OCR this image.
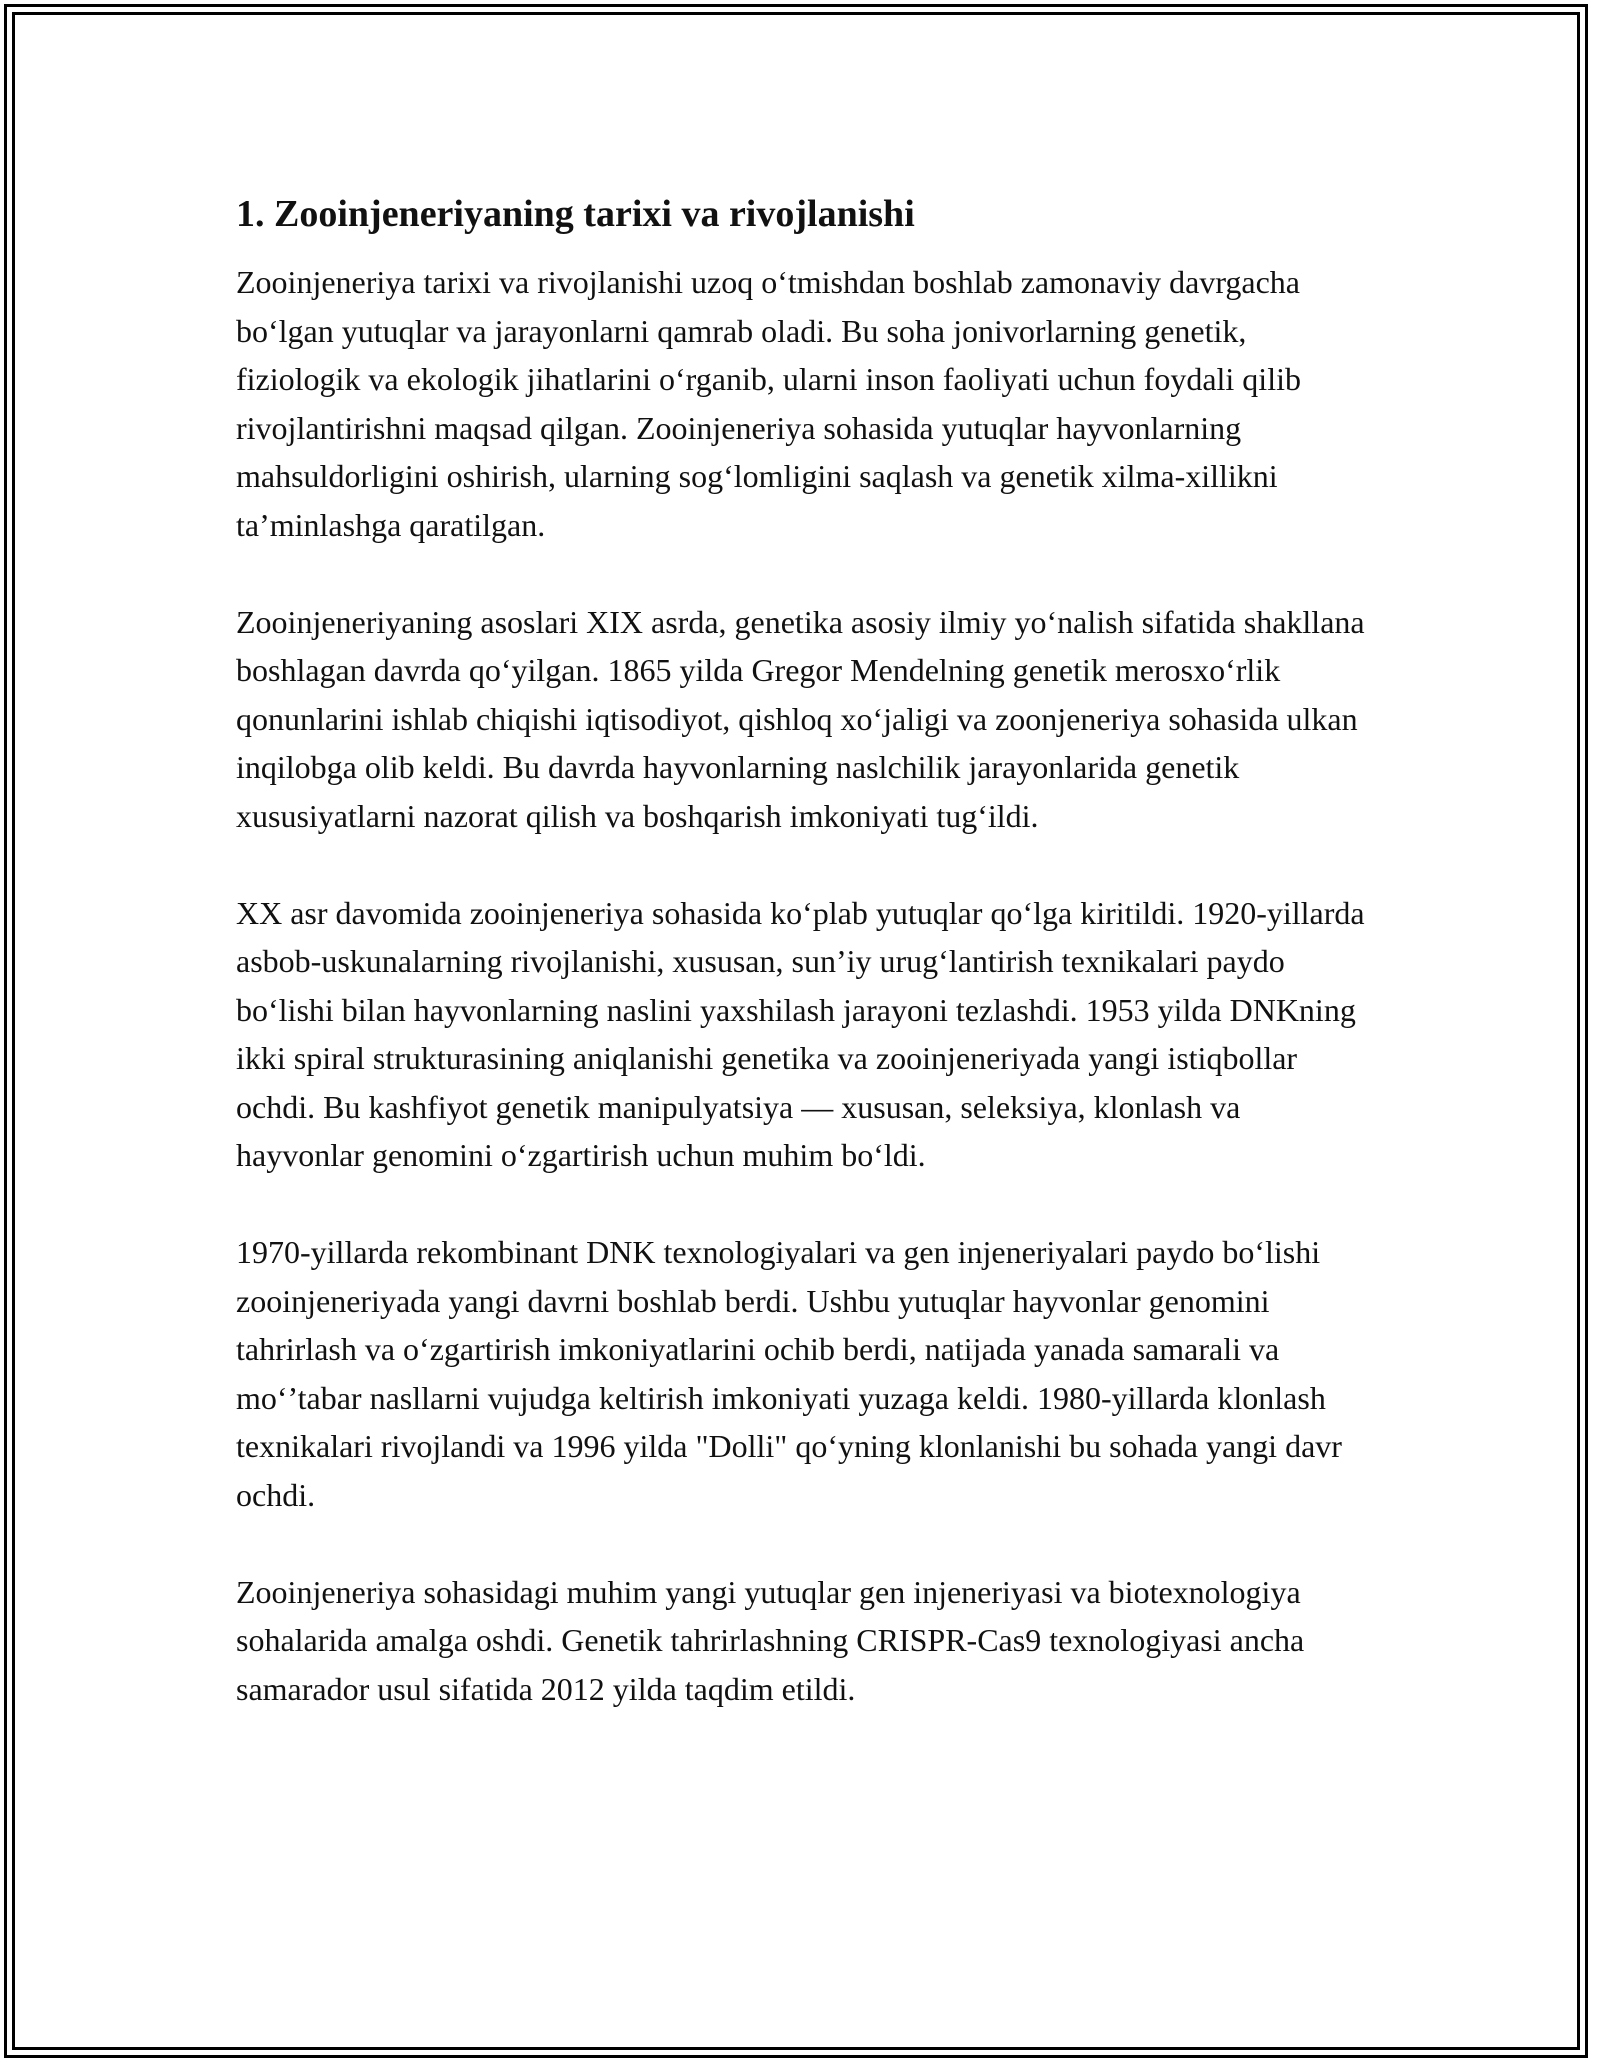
1. Zooinjeneriyaning tarixi va rivojlanishi

Zooinjeneriya tarixi va rivojlanishi uzoq o‘tmishdan boshlab zamonaviy davrgacha bo‘lgan yutuqlar va jarayonlarni qamrab oladi. Bu soha jonivorlarning genetik, fiziologik va ekologik jihatlarini o‘rganib, ularni inson faoliyati uchun foydali qilib rivojlantirishni maqsad qilgan. Zooinjeneriya sohasida yutuqlar hayvonlarning mahsuldorligini oshirish, ularning sog‘lomligini saqlash va genetik xilma-xillikni ta’minlashga qaratilgan.

Zooinjeneriyaning asoslari XIX asrda, genetika asosiy ilmiy yo‘nalish sifatida shakllana boshlagan davrda qo‘yilgan. 1865 yilda Gregor Mendelning genetik merosxo‘rlik qonunlarini ishlab chiqishi iqtisodiyot, qishloq xo‘jaligi va zoonjeneriya sohasida ulkan inqilobga olib keldi. Bu davrda hayvonlarning naslchilik jarayonlarida genetik xususiyatlarni nazorat qilish va boshqarish imkoniyati tug‘ildi.

XX asr davomida zooinjeneriya sohasida ko‘plab yutuqlar qo‘lga kiritildi. 1920-yillarda asbob-uskunalarning rivojlanishi, xususan, sun’iy urug‘lantirish texnikalari paydo bo‘lishi bilan hayvonlarning naslini yaxshilash jarayoni tezlashdi. 1953 yilda DNKning ikki spiral strukturasining aniqlanishi genetika va zooinjeneriyada yangi istiqbollar ochdi. Bu kashfiyot genetik manipulyatsiya — xususan, seleksiya, klonlash va hayvonlar genomini o‘zgartirish uchun muhim bo‘ldi.

1970-yillarda rekombinant DNK texnologiyalari va gen injeneriyalari paydo bo‘lishi zooinjeneriyada yangi davrni boshlab berdi. Ushbu yutuqlar hayvonlar genomini tahrirlash va o‘zgartirish imkoniyatlarini ochib berdi, natijada yanada samarali va mo‘’tabar nasllarni vujudga keltirish imkoniyati yuzaga keldi. 1980-yillarda klonlash texnikalari rivojlandi va 1996 yilda "Dolli" qo‘yning klonlanishi bu sohada yangi davr ochdi.

Zooinjeneriya sohasidagi muhim yangi yutuqlar gen injeneriyasi va biotexnologiya sohalarida amalga oshdi. Genetik tahrirlashning CRISPR-Cas9 texnologiyasi ancha samarador usul sifatida 2012 yilda taqdim etildi.
